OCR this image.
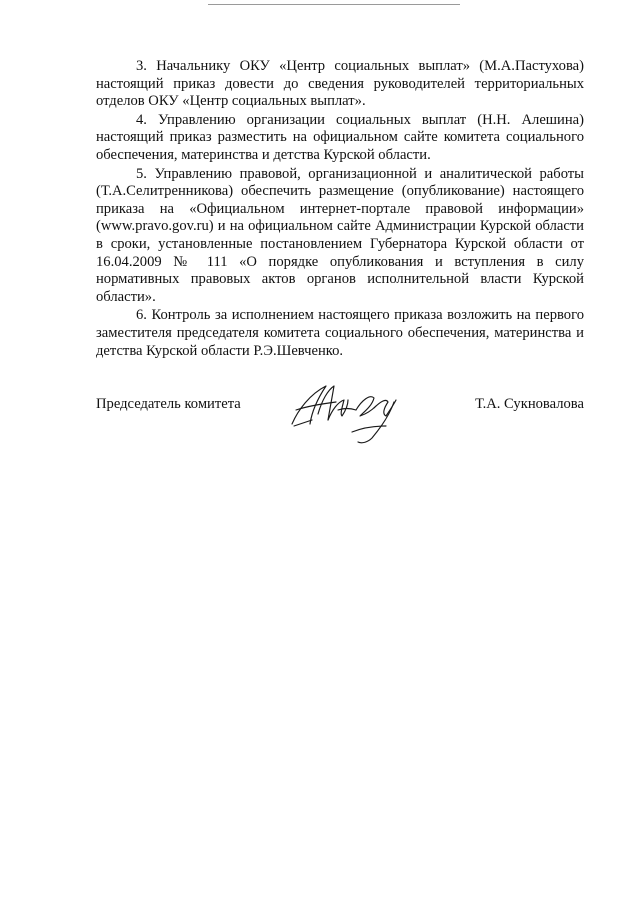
3. Начальнику ОКУ «Центр социальных выплат» (М.А.Пастухова) настоящий приказ довести до сведения руководителей территориальных отделов ОКУ «Центр социальных выплат».

4. Управлению организации социальных выплат (Н.Н. Алешина) настоящий приказ разместить на официальном сайте комитета социального обеспечения, материнства и детства Курской области.

5. Управлению правовой, организационной и аналитической работы (Т.А.Селитренникова) обеспечить размещение (опубликование) настоящего приказа на «Официальном интернет-портале правовой информации» (www.pravo.gov.ru) и на официальном сайте Администрации Курской области в сроки, установленные постановлением Губернатора Курской области от 16.04.2009 № 111 «О порядке опубликования и вступления в силу нормативных правовых актов органов исполнительной власти Курской области».

6. Контроль за исполнением настоящего приказа возложить на первого заместителя председателя комитета социального обеспечения, материнства и детства Курской области Р.Э.Шевченко.

Председатель комитета	Т.А. Сукновалова
